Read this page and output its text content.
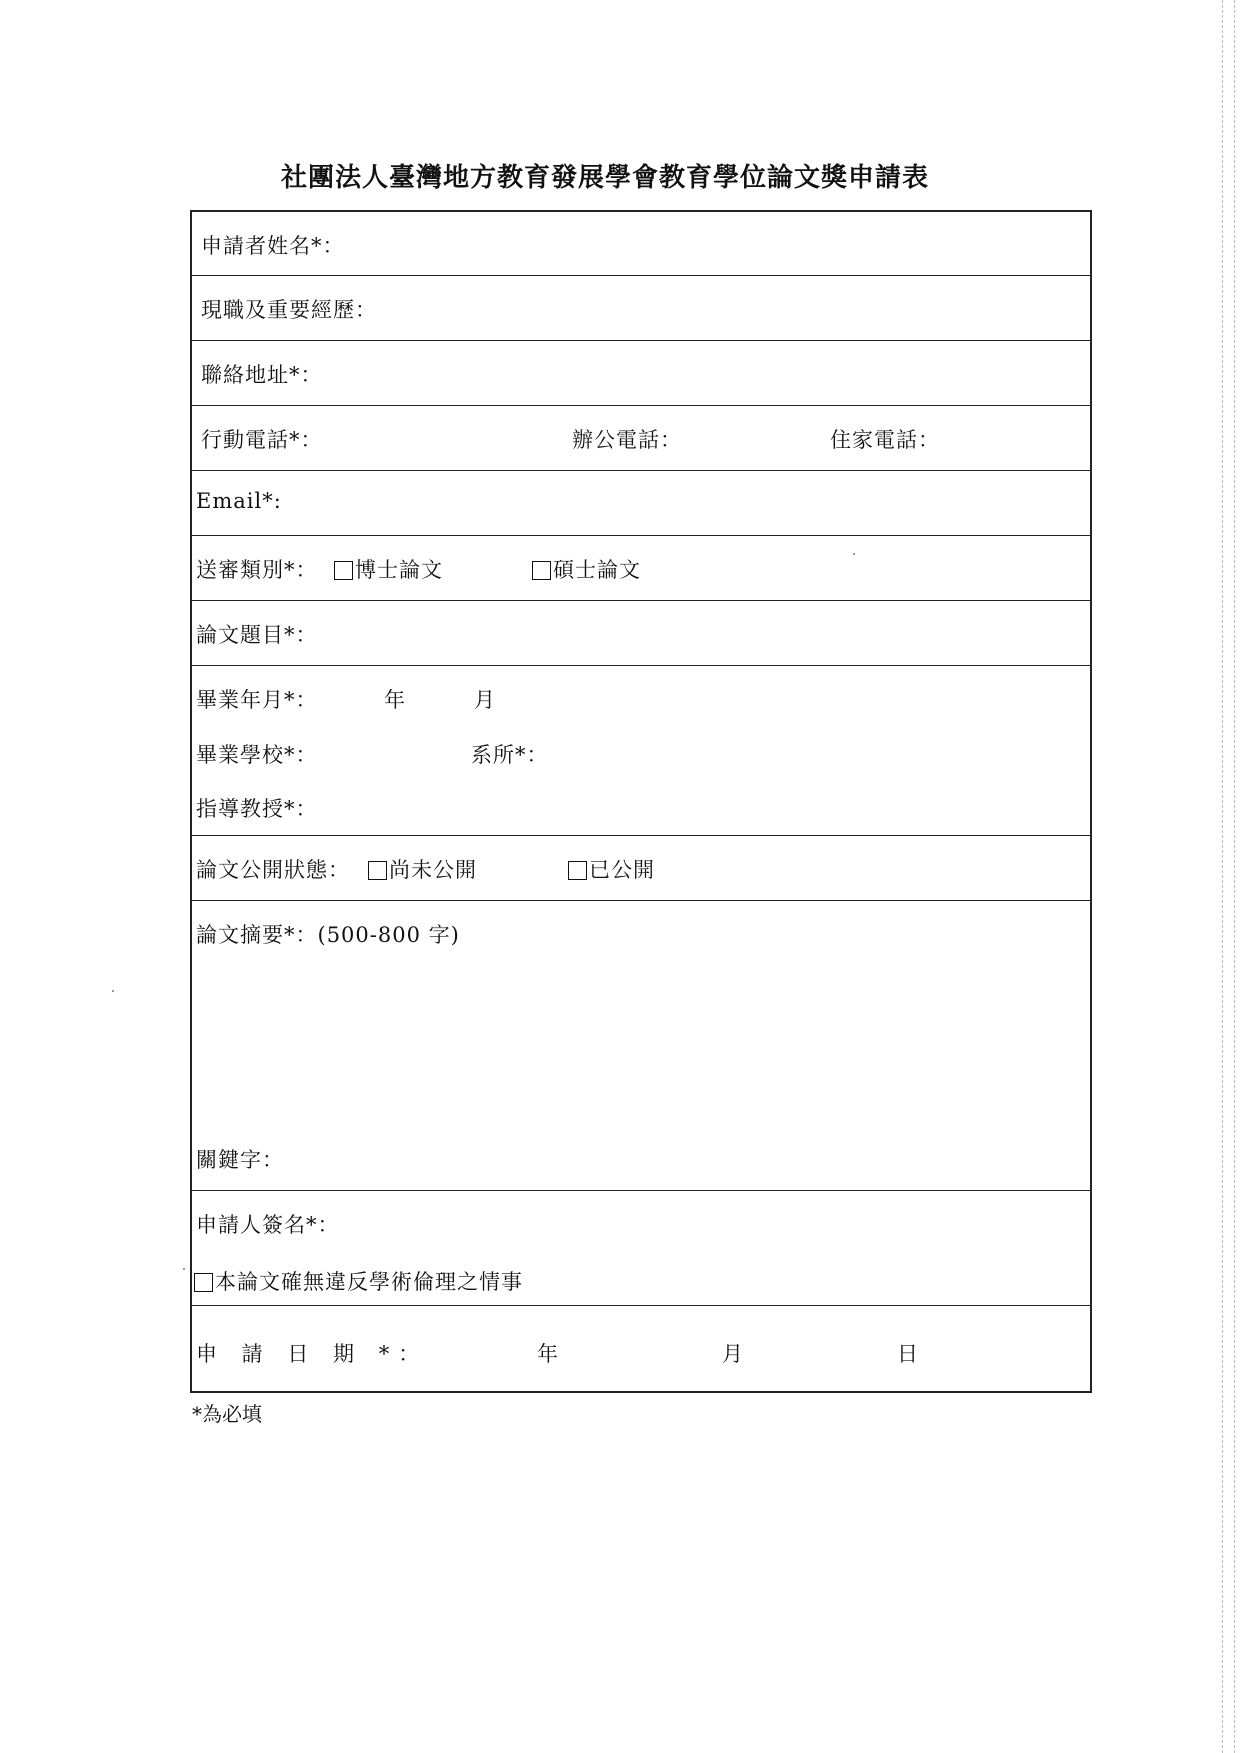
社團法人臺灣地方教育發展學會教育學位論文獎申請表
申請者姓名*：
現職及重要經歷：
聯絡地址*：
行動電話*：	辦公電話：	住家電話：
Email*:
送審類別*：	博士論文	碩士論文
論文題目*：
畢業年月*：	年	月
畢業學校*：	系所*：
指導教授*：
論文公開狀態：	尚未公開	已公開
論文摘要*：(500-800 字)
關鍵字：
申請人簽名*：
本論文確無違反學術倫理之情事
申 請 日 期 *：	年	月	日
*為必填
